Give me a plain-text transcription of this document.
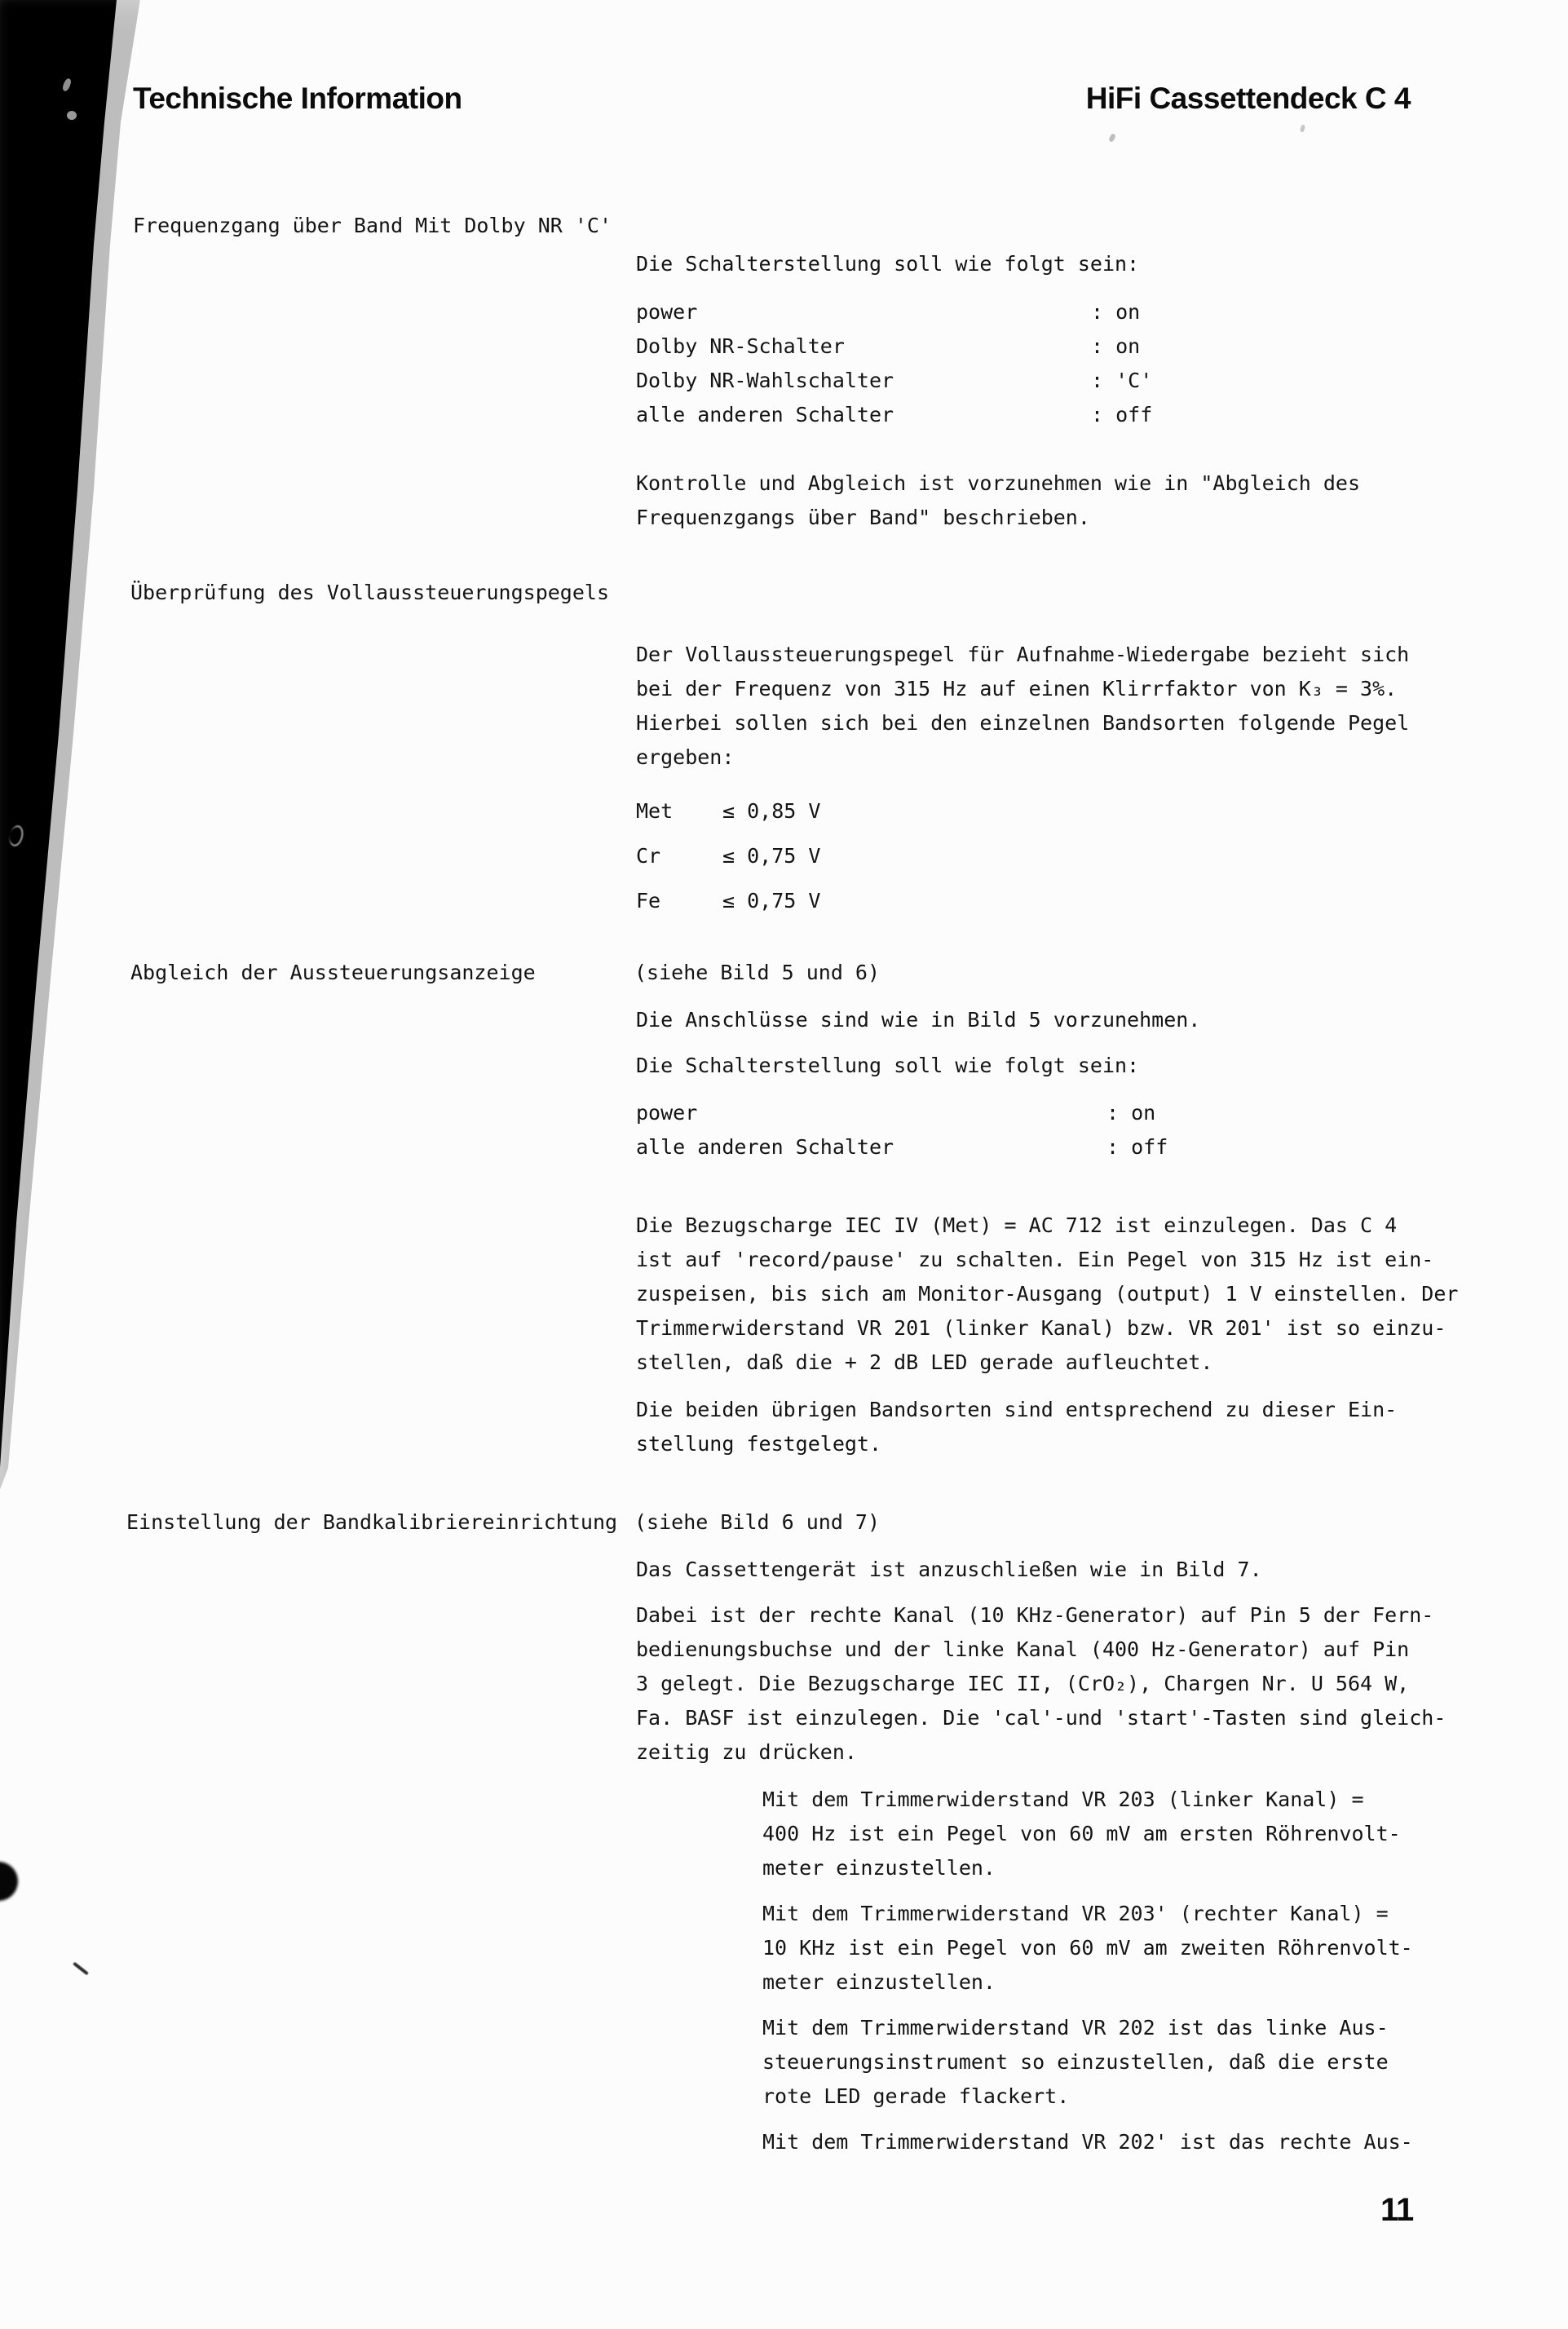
Technische Information	HiFi Cassettendeck C 4
Frequenzgang über Band Mit Dolby NR 'C'
Die Schalterstellung soll wie folgt sein:
power	: on
Dolby NR-Schalter	: on
Dolby NR-Wahlschalter	: 'C'
alle anderen Schalter	: off
Kontrolle und Abgleich ist vorzunehmen wie in "Abgleich des
Frequenzgangs über Band" beschrieben.
Überprüfung des Vollaussteuerungspegels
Der Vollaussteuerungspegel für Aufnahme-Wiedergabe bezieht sich
bei der Frequenz von 315 Hz auf einen Klirrfaktor von K₃ = 3%.
Hierbei sollen sich bei den einzelnen Bandsorten folgende Pegel
ergeben:
Met ≤ 0,85 V
Cr	≤ 0,75 V
Fe	≤ 0,75 V
Abgleich der Aussteuerungsanzeige	(siehe Bild 5 und 6)
Die Anschlüsse sind wie in Bild 5 vorzunehmen.
Die Schalterstellung soll wie folgt sein:
power	: on
alle anderen Schalter	: off
Die Bezugscharge IEC IV (Met) = AC 712 ist einzulegen. Das C 4
ist auf 'record/pause' zu schalten. Ein Pegel von 315 Hz ist ein-
zuspeisen, bis sich am Monitor-Ausgang (output) 1 V einstellen. Der
Trimmerwiderstand VR 201 (linker Kanal) bzw. VR 201' ist so einzu-
stellen, daß die + 2 dB LED gerade aufleuchtet.
Die beiden übrigen Bandsorten sind entsprechend zu dieser Ein-
stellung festgelegt.
Einstellung der Bandkalibriereinrichtung (siehe Bild 6 und 7)
Das Cassettengerät ist anzuschließen wie in Bild 7.
Dabei ist der rechte Kanal (10 KHz-Generator) auf Pin 5 der Fern-
bedienungsbuchse und der linke Kanal (400 Hz-Generator) auf Pin
3 gelegt. Die Bezugscharge IEC II, (CrO₂), Chargen Nr. U 564 W,
Fa. BASF ist einzulegen. Die 'cal'-und 'start'-Tasten sind gleich-
zeitig zu drücken.
Mit dem Trimmerwiderstand VR 203 (linker Kanal) =
400 Hz ist ein Pegel von 60 mV am ersten Röhrenvolt-
meter einzustellen.
Mit dem Trimmerwiderstand VR 203' (rechter Kanal) =
10 KHz ist ein Pegel von 60 mV am zweiten Röhrenvolt-
meter einzustellen.
Mit dem Trimmerwiderstand VR 202 ist das linke Aus-
steuerungsinstrument so einzustellen, daß die erste
rote LED gerade flackert.
Mit dem Trimmerwiderstand VR 202' ist das rechte Aus-
11
